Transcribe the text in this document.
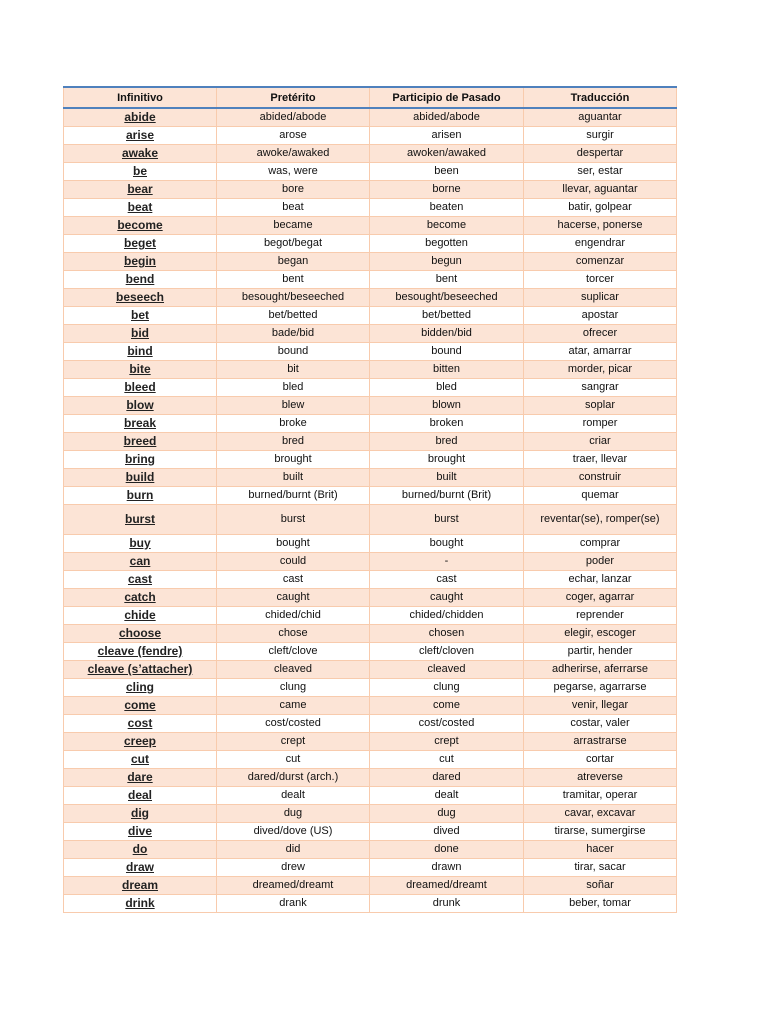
Infinitivo	Pretérito	Participio de Pasado	Traducción
abide	abided/abode	abided/abode	aguantar
arise	arose	arisen	surgir
awake	awoke/awaked	awoken/awaked	despertar
be	was, were	been	ser, estar
bear	bore	borne	llevar, aguantar
beat	beat	beaten	batir, golpear
become	became	become	hacerse, ponerse
beget	begot/begat	begotten	engendrar
begin	began	begun	comenzar
bend	bent	bent	torcer
beseech	besought/beseeched	besought/beseeched	suplicar
bet	bet/betted	bet/betted	apostar
bid	bade/bid	bidden/bid	ofrecer
bind	bound	bound	atar, amarrar
bite	bit	bitten	morder, picar
bleed	bled	bled	sangrar
blow	blew	blown	soplar
break	broke	broken	romper
breed	bred	bred	criar
bring	brought	brought	traer, llevar
build	built	built	construir
burn	burned/burnt (Brit)	burned/burnt (Brit)	quemar
burst	burst	burst	reventar(se), romper(se)
buy	bought	bought	comprar
can	could	-	poder
cast	cast	cast	echar, lanzar
catch	caught	caught	coger, agarrar
chide	chided/chid	chided/chidden	reprender
choose	chose	chosen	elegir, escoger
cleave (fendre)	cleft/clove	cleft/cloven	partir, hender
cleave (s’attacher)	cleaved	cleaved	adherirse, aferrarse
cling	clung	clung	pegarse, agarrarse
come	came	come	venir, llegar
cost	cost/costed	cost/costed	costar, valer
creep	crept	crept	arrastrarse
cut	cut	cut	cortar
dare	dared/durst (arch.)	dared	atreverse
deal	dealt	dealt	tramitar, operar
dig	dug	dug	cavar, excavar
dive	dived/dove (US)	dived	tirarse, sumergirse
do	did	done	hacer
draw	drew	drawn	tirar, sacar
dream	dreamed/dreamt	dreamed/dreamt	soñar
drink	drank	drunk	beber, tomar
